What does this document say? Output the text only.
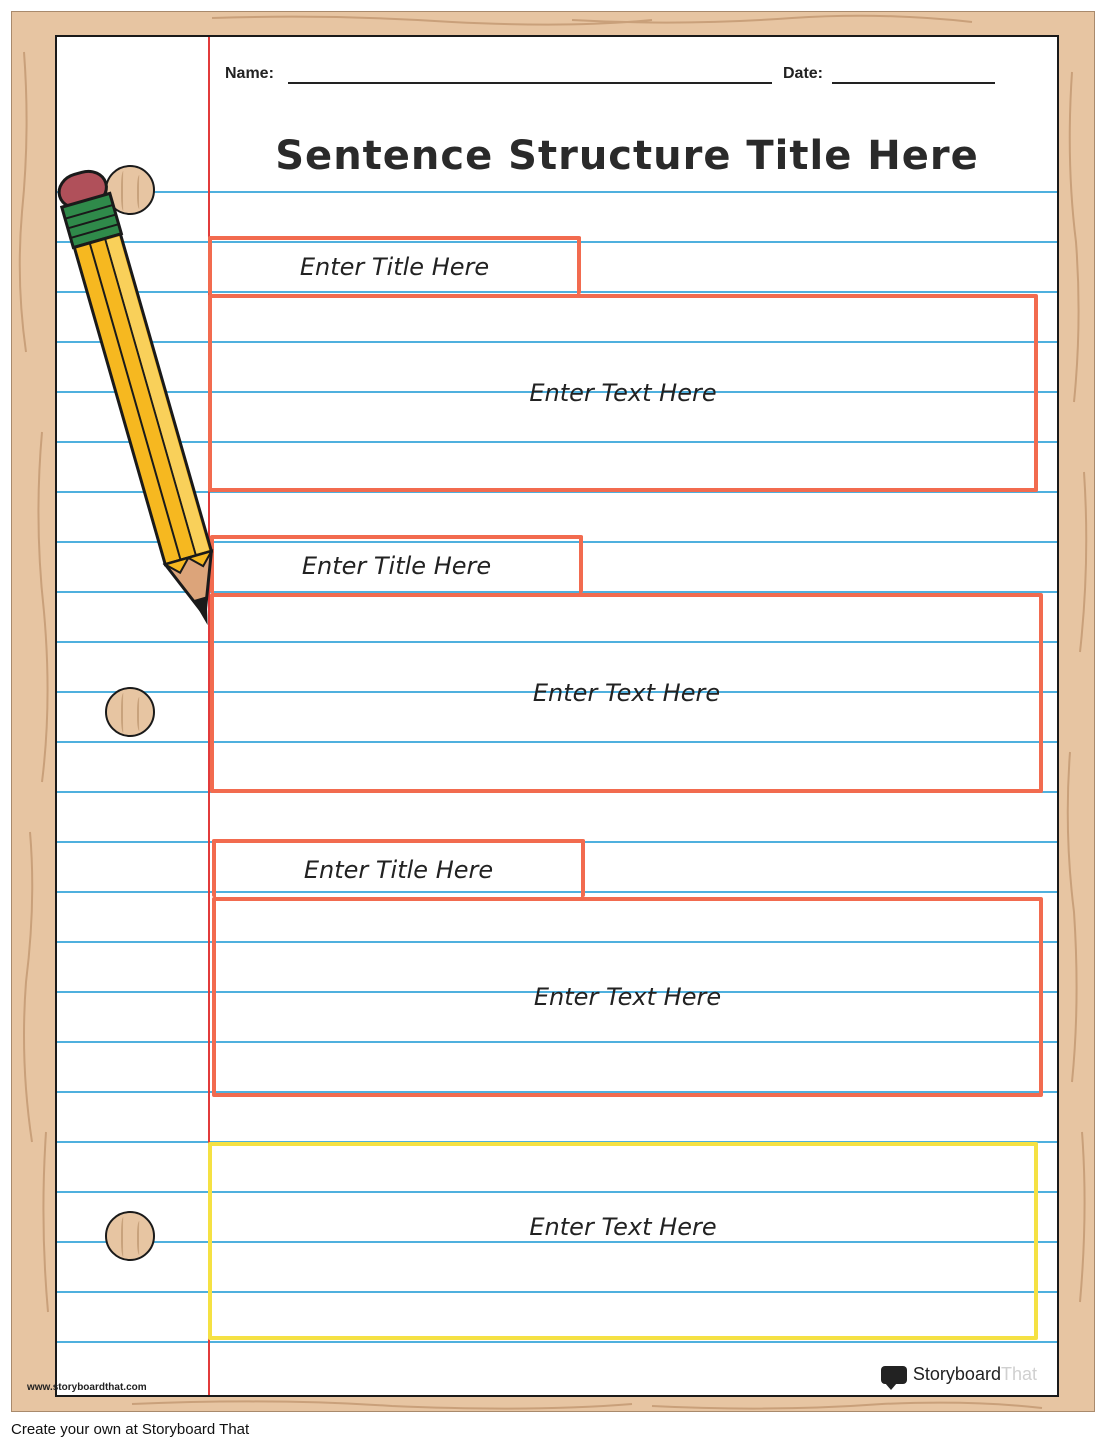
Name:	Date:
Sentence Structure Title Here
Enter Title Here
Enter Text Here
Enter Title Here
Enter Text Here
Enter Title Here
Enter Text Here
Enter Text Here
www.storyboardthat.com
Storyboard That
Create your own at Storyboard That
